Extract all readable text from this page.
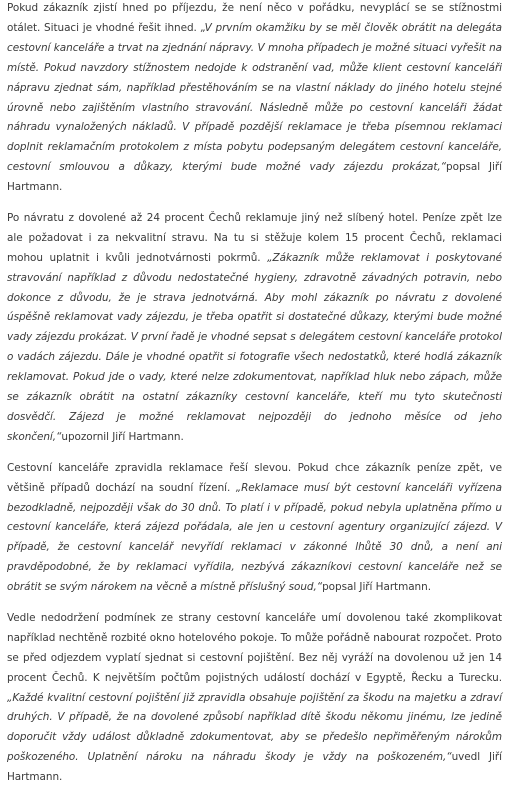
Pokud zákazník zjistí hned po příjezdu, že není něco v pořádku, nevyplácí se se stížnostmi otálet. Situaci je vhodné řešit ihned. „V prvním okamžiku by se měl člověk obrátit na delegáta cestovní kanceláře a trvat na zjednání nápravy. V mnoha případech je možné situaci vyřešit na místě. Pokud navzdory stížnostem nedojde k odstranění vad, může klient cestovní kanceláři nápravu zjednat sám, například přestěhováním se na vlastní náklady do jiného hotelu stejné úrovně nebo zajištěním vlastního stravování. Následně může po cestovní kanceláři žádat náhradu vynaložených nákladů. V případě pozdější reklamace je třeba písemnou reklamaci doplnit reklamačním protokolem z místa pobytu podepsaným delegátem cestovní kanceláře, cestovní smlouvou a důkazy, kterými bude možné vady zájezdu prokázat,“popsal Jiří Hartmann.

Po návratu z dovolené až 24 procent Čechů reklamuje jiný než slíbený hotel. Peníze zpět lze ale požadovat i za nekvalitní stravu. Na tu si stěžuje kolem 15 procent Čechů, reklamaci mohou uplatnit i kvůli jednotvárnosti pokrmů. „Zákazník může reklamovat i poskytované stravování například z důvodu nedostatečné hygieny, zdravotně závadných potravin, nebo dokonce z důvodu, že je strava jednotvárná. Aby mohl zákazník po návratu z dovolené úspěšně reklamovat vady zájezdu, je třeba opatřit si dostatečné důkazy, kterými bude možné vady zájezdu prokázat. V první řadě je vhodné sepsat s delegátem cestovní kanceláře protokol o vadách zájezdu. Dále je vhodné opatřit si fotografie všech nedostatků, které hodlá zákazník reklamovat. Pokud jde o vady, které nelze zdokumentovat, například hluk nebo zápach, může se zákazník obrátit na ostatní zákazníky cestovní kanceláře, kteří mu tyto skutečnosti dosvědčí. Zájezd je možné reklamovat nejpozději do jednoho měsíce od jeho skončení,“upozornil Jiří Hartmann.

Cestovní kanceláře zpravidla reklamace řeší slevou. Pokud chce zákazník peníze zpět, ve většině případů dochází na soudní řízení. „Reklamace musí být cestovní kanceláři vyřízena bezodkladně, nejpozději však do 30 dnů. To platí i v případě, pokud nebyla uplatněna přímo u cestovní kanceláře, která zájezd pořádala, ale jen u cestovní agentury organizující zájezd. V případě, že cestovní kancelář nevyřídí reklamaci v zákonné lhůtě 30 dnů, a není ani pravděpodobné, že by reklamaci vyřídila, nezbývá zákazníkovi cestovní kanceláře než se obrátit se svým nárokem na věcně a místně příslušný soud,“popsal Jiří Hartmann.

Vedle nedodržení podmínek ze strany cestovní kanceláře umí dovolenou také zkomplikovat například nechtěně rozbité okno hotelového pokoje. To může pořádně nabourat rozpočet. Proto se před odjezdem vyplatí sjednat si cestovní pojištění. Bez něj vyráží na dovolenou už jen 14 procent Čechů. K největším počtům pojistných událostí dochází v Egyptě, Řecku a Turecku. „Každé kvalitní cestovní pojištění již zpravidla obsahuje pojištění za škodu na majetku a zdraví druhých. V případě, že na dovolené způsobí například dítě škodu někomu jinému, lze jedině doporučit vždy událost důkladně zdokumentovat, aby se předešlo nepřiměřeným nárokům poškozeného. Uplatnění nároku na náhradu škody je vždy na poškozeném,“uvedl Jiří Hartmann.
